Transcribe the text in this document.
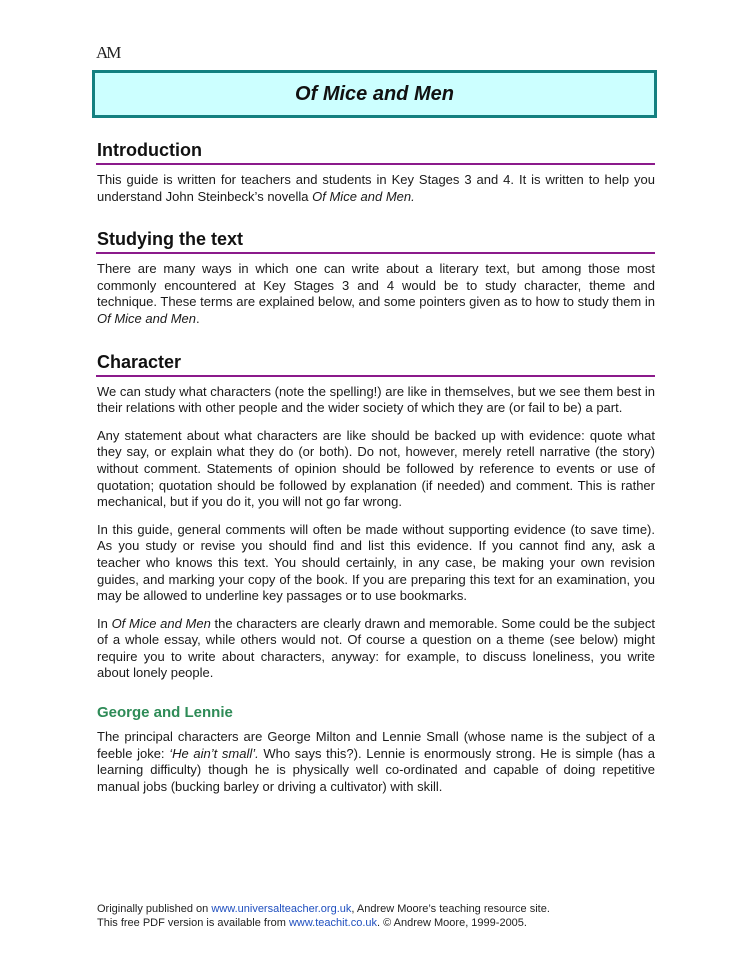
AM
Of Mice and Men
Introduction

This guide is written for teachers and students in Key Stages 3 and 4. It is written to help you understand John Steinbeck’s novella Of Mice and Men.

Studying the text

There are many ways in which one can write about a literary text, but among those most commonly encountered at Key Stages 3 and 4 would be to study character, theme and technique. These terms are explained below, and some pointers given as to how to study them in Of Mice and Men.

Character

We can study what characters (note the spelling!) are like in themselves, but we see them best in their relations with other people and the wider society of which they are (or fail to be) a part.

Any statement about what characters are like should be backed up with evidence: quote what they say, or explain what they do (or both). Do not, however, merely retell narrative (the story) without comment. Statements of opinion should be followed by reference to events or use of quotation; quotation should be followed by explanation (if needed) and comment. This is rather mechanical, but if you do it, you will not go far wrong.

In this guide, general comments will often be made without supporting evidence (to save time). As you study or revise you should find and list this evidence. If you cannot find any, ask a teacher who knows this text. You should certainly, in any case, be making your own revision guides, and marking your copy of the book. If you are preparing this text for an examination, you may be allowed to underline key passages or to use bookmarks.

In Of Mice and Men the characters are clearly drawn and memorable. Some could be the subject of a whole essay, while others would not. Of course a question on a theme (see below) might require you to write about characters, anyway: for example, to discuss loneliness, you write about lonely people.

George and Lennie

The principal characters are George Milton and Lennie Small (whose name is the subject of a feeble joke: ‘He ain’t small’. Who says this?). Lennie is enormously strong. He is simple (has a learning difficulty) though he is physically well co-ordinated and capable of doing repetitive manual jobs (bucking barley or driving a cultivator) with skill.

Originally published on www.universalteacher.org.uk, Andrew Moore’s teaching resource site.
This free PDF version is available from www.teachit.co.uk. © Andrew Moore, 1999-2005.
